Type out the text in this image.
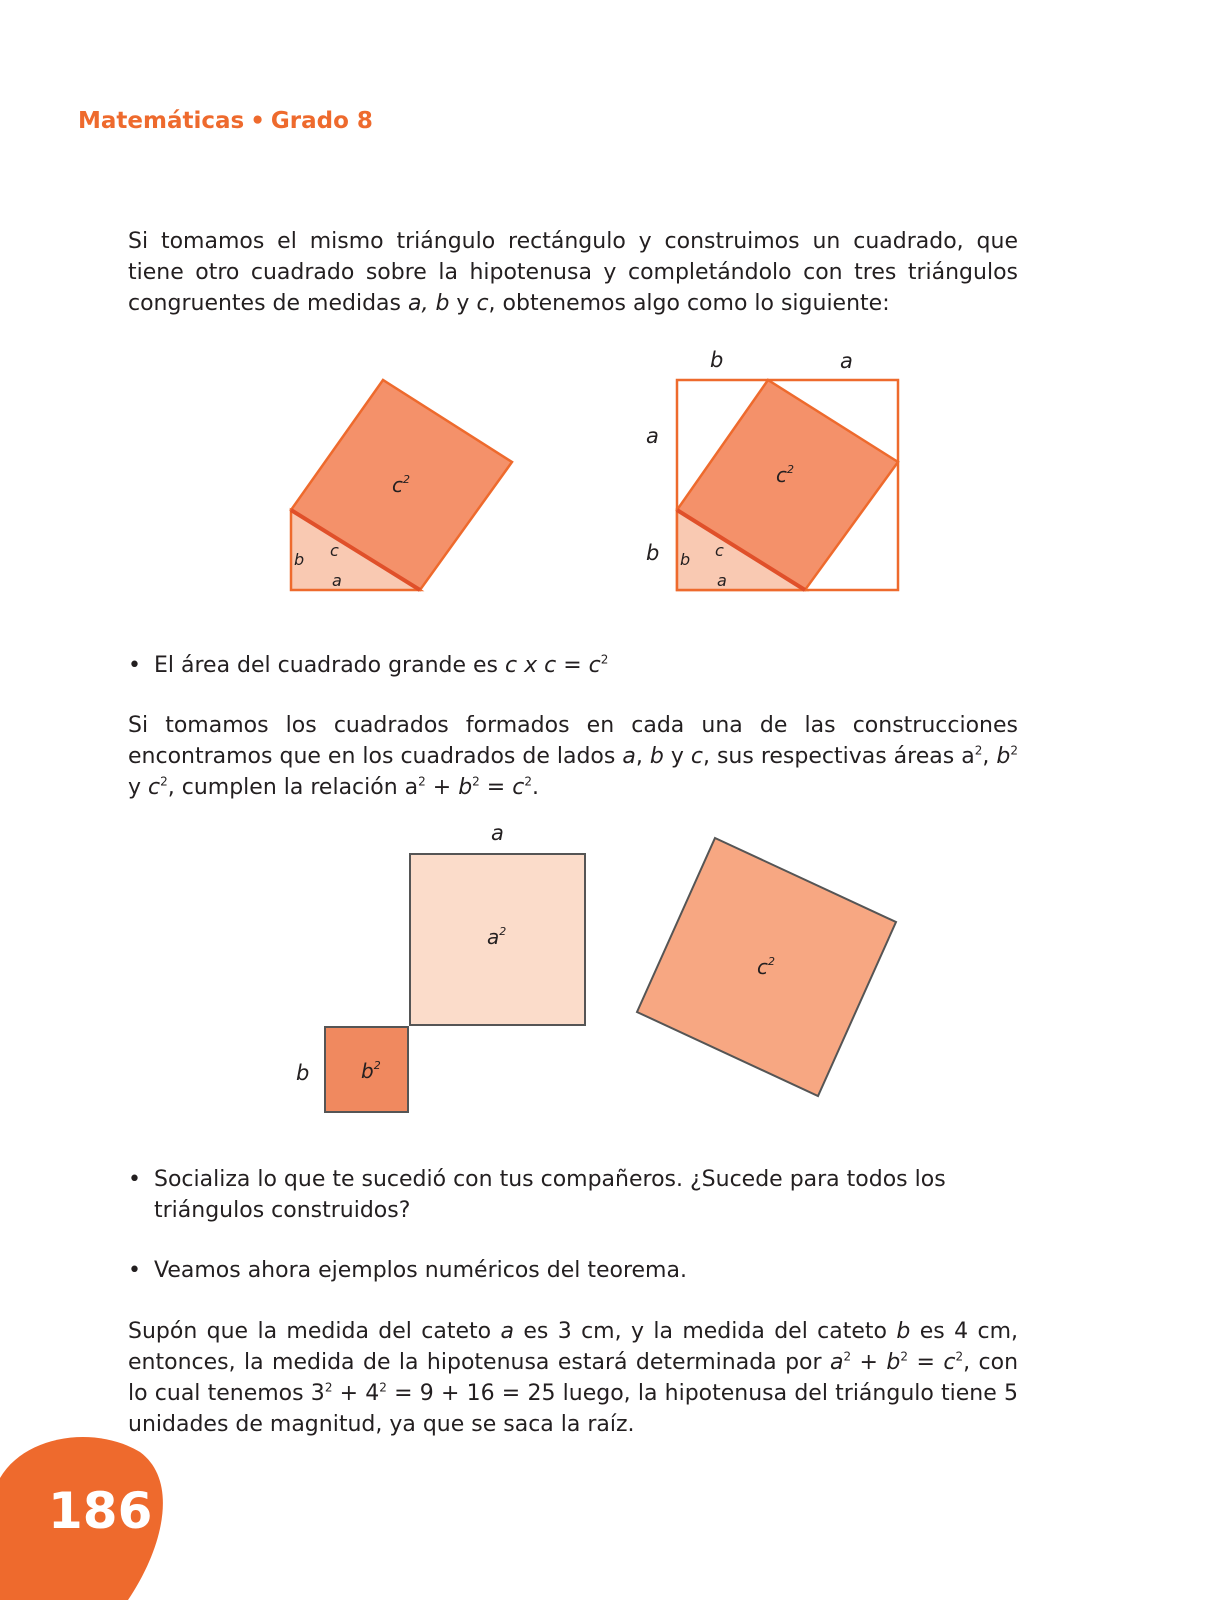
Matemáticas • Grado 8
Si tomamos el mismo triángulo rectángulo y construimos un cuadrado, que tiene otro cuadrado sobre la hipotenusa y completándolo con tres triángulos congruentes de medidas a, b y c, obtenemos algo como lo siguiente:
$c^2$
b c
a
b	a
a
b
$c^2$
b c
a
a
$a^2$
b	$b^2$
$c^2$
• El área del cuadrado grande es c x $c = c^2$
Si tomamos los cuadrados formados en cada una de las construcciones encontramos que en los cuadrados de lados a, b y c, sus respectivas áreas $a^2$, $b^2$ y $c^2$, cumplen la relación $a^2 + b^2 = c^2$.
• Socializa lo que te sucedió con tus compañeros. ¿Sucede para todos los triángulos construidos?
• Veamos ahora ejemplos numéricos del teorema.
Supón que la medida del cateto a es 3 cm, y la medida del cateto b es 4 cm, entonces, la medida de la hipotenusa estará determinada por $a^2 + b^2 = c^2$, con lo cual tenemos $3^2 + 4^2 = 9 + 16 = 25$ luego, la hipotenusa del triángulo tiene 5 unidades de magnitud, ya que se saca la raíz.
186
